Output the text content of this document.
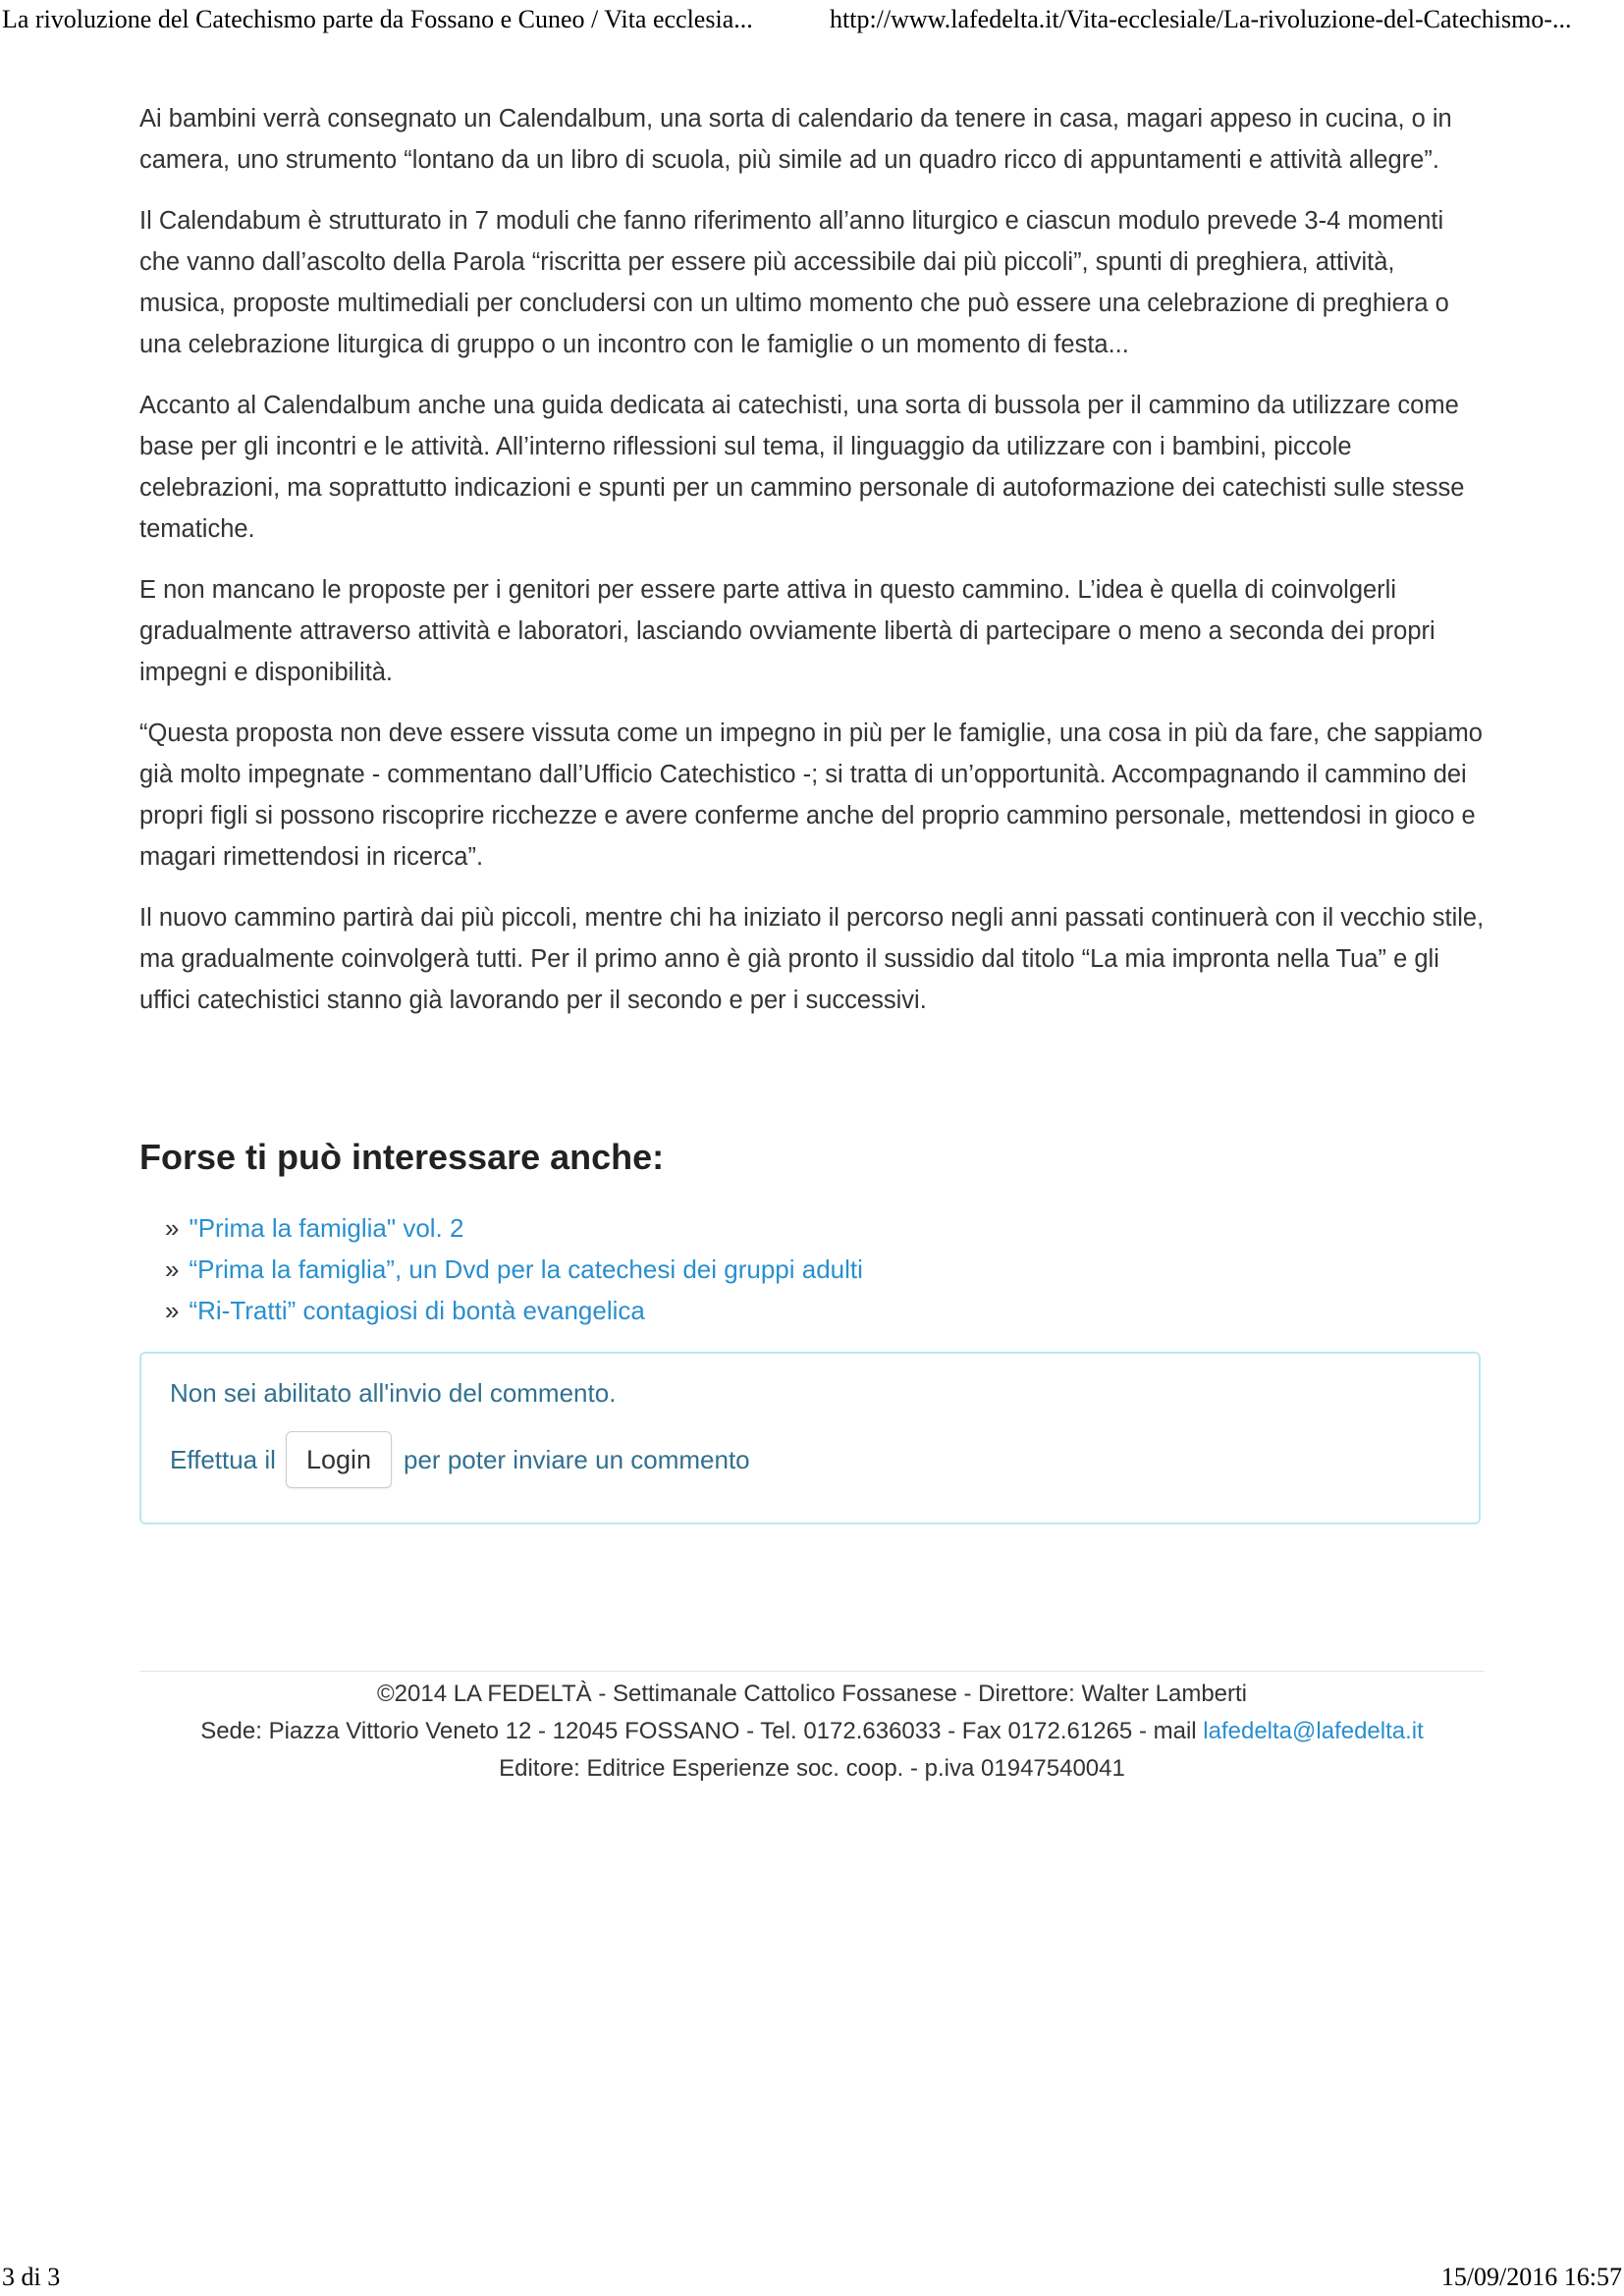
La rivoluzione del Catechismo parte da Fossano e Cuneo / Vita ecclesia...	http://www.lafedelta.it/Vita-ecclesiale/La-rivoluzione-del-Catechismo-...

Ai bambini verrà consegnato un Calendalbum, una sorta di calendario da tenere in casa, magari appeso in cucina, o in camera, uno strumento “lontano da un libro di scuola, più simile ad un quadro ricco di appuntamenti e attività allegre”.

Il Calendabum è strutturato in 7 moduli che fanno riferimento all’anno liturgico e ciascun modulo prevede 3-4 momenti che vanno dall’ascolto della Parola “riscritta per essere più accessibile dai più piccoli”, spunti di preghiera, attività, musica, proposte multimediali per concludersi con un ultimo momento che può essere una celebrazione di preghiera o una celebrazione liturgica di gruppo o un incontro con le famiglie o un momento di festa...

Accanto al Calendalbum anche una guida dedicata ai catechisti, una sorta di bussola per il cammino da utilizzare come base per gli incontri e le attività. All’interno riflessioni sul tema, il linguaggio da utilizzare con i bambini, piccole celebrazioni, ma soprattutto indicazioni e spunti per un cammino personale di autoformazione dei catechisti sulle stesse tematiche.

E non mancano le proposte per i genitori per essere parte attiva in questo cammino. L’idea è quella di coinvolgerli gradualmente attraverso attività e laboratori, lasciando ovviamente libertà di partecipare o meno a seconda dei propri impegni e disponibilità.

“Questa proposta non deve essere vissuta come un impegno in più per le famiglie, una cosa in più da fare, che sappiamo già molto impegnate - commentano dall’Ufficio Catechistico -; si tratta di un’opportunità. Accompagnando il cammino dei propri figli si possono riscoprire ricchezze e avere conferme anche del proprio cammino personale, mettendosi in gioco e magari rimettendosi in ricerca”.

Il nuovo cammino partirà dai più piccoli, mentre chi ha iniziato il percorso negli anni passati continuerà con il vecchio stile, ma gradualmente coinvolgerà tutti. Per il primo anno è già pronto il sussidio dal titolo “La mia impronta nella Tua” e gli uffici catechistici stanno già lavorando per il secondo e per i successivi.

Forse ti può interessare anche:
» "Prima la famiglia" vol. 2
» “Prima la famiglia”, un Dvd per la catechesi dei gruppi adulti
» “Ri-Tratti” contagiosi di bontà evangelica
Non sei abilitato all'invio del commento.
Effettua il	Login	per poter inviare un commento
©2014 LA FEDELTÀ - Settimanale Cattolico Fossanese - Direttore: Walter Lamberti
Sede: Piazza Vittorio Veneto 12 - 12045 FOSSANO - Tel. 0172.636033 - Fax 0172.61265 - mail lafedelta@lafedelta.it
Editore: Editrice Esperienze soc. coop. - p.iva 01947540041
3 di 3	15/09/2016 16:57
